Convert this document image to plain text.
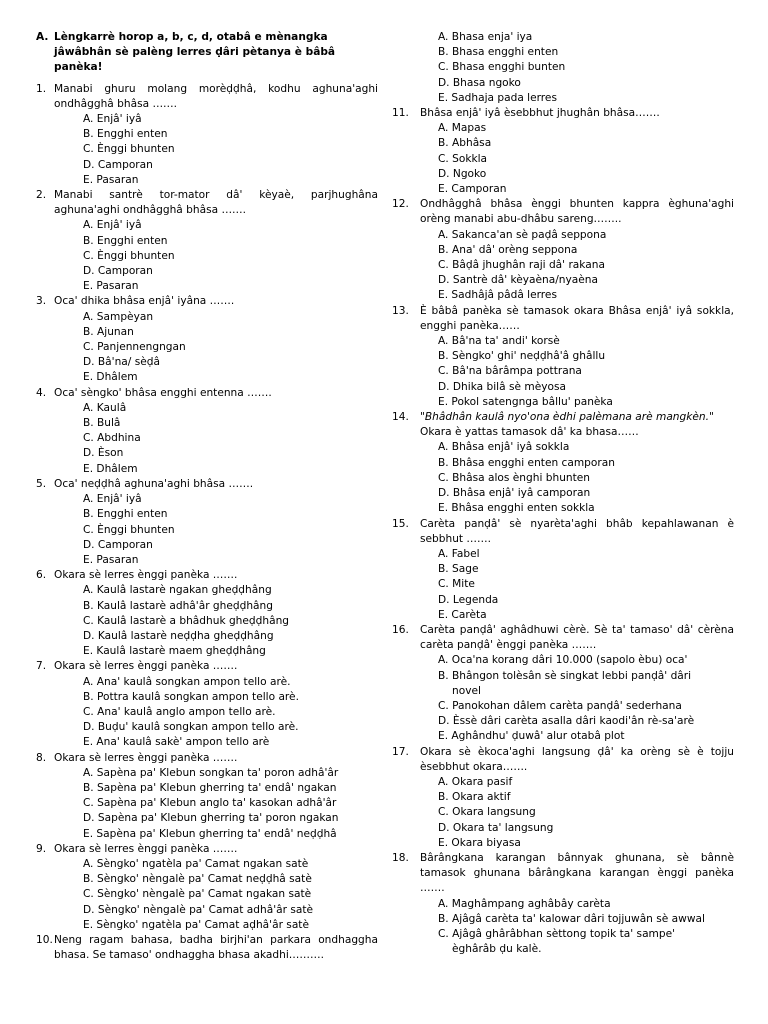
A. Lèngkarrè horop a, b, c, d, otabâ e mènangka jâwâbhân sè palèng lerres ḍâri pètanya è bâbâ panèka!
1. Manabi ghuru molang morèḍḍhâ, kodhu aghuna'aghi ondhâgghâ bhâsa …….
A. Enjâ' iyâ
B. Engghi enten
C. Ènggi bhunten
D. Camporan
E. Pasaran
2. Manabi santrè tor-mator dâ' kèyaè, parjhughâna aghuna'aghi ondhâgghâ bhâsa …….
A. Enjâ' iyâ
B. Engghi enten
C. Ènggi bhunten
D. Camporan
E. Pasaran
3. Oca' dhika bhâsa enjâ' iyâna …….
A. Sampèyan
B. Ajunan
C. Panjennengngan
D. Bâ'na/ sèḍâ
E. Dhâlem
4. Oca' sèngko' bhâsa engghi entenna …….
A. Kaulâ
B. Bulâ
C. Abdhina
D. Èson
E. Dhâlem
5. Oca' neḍḍhâ aghuna'aghi bhâsa …….
A. Enjâ' iyâ
B. Engghi enten
C. Ènggi bhunten
D. Camporan
E. Pasaran
6. Okara sè lerres ènggi panèka …….
A. Kaulâ lastarè ngakan gheḍḍhâng
B. Kaulâ lastarè adhâ'âr gheḍḍhâng
C. Kaulâ lastarè a bhâdhuk gheḍḍhâng
D. Kaulâ lastarè neḍḍha gheḍḍhâng
E. Kaulâ lastarè maem gheḍḍhâng
7. Okara sè lerres ènggi panèka …….
A. Ana' kaulâ songkan ampon tello arè.
B. Pottra kaulâ songkan ampon tello arè.
C. Ana' kaulâ anglo ampon tello arè.
D. Buḍu' kaulâ songkan ampon tello arè.
E. Ana' kaulâ sakè' ampon tello arè
8. Okara sè lerres ènggi panèka …….
A. Sapèna pa' Klebun songkan ta' poron adhâ'âr
B. Sapèna pa' Klebun gherring ta' endâ' ngakan
C. Sapèna pa' Klebun anglo ta' kasokan adhâ'âr
D. Sapèna pa' Klebun gherring ta' poron ngakan
E. Sapèna pa' Klebun gherring ta' endâ' neḍḍhâ
9. Okara sè lerres ènggi panèka …….
A. Sèngko' ngatèla pa' Camat ngakan satè
B. Sèngko' nèngalè pa' Camat neḍḍhâ satè
C. Sèngko' nèngalè pa' Camat ngakan satè
D. Sèngko' nèngalè pa' Camat adhâ'âr satè
E. Sèngko' ngatèla pa' Camat aḍhâ'âr satè
10. Neng ragam bahasa, badha birjhi'an parkara ondhaggha bhasa. Se tamaso' ondhaggha bhasa akadhi……….
A. Bhasa enja' iya
B. Bhasa engghi enten
C. Bhasa engghi bunten
D. Bhasa ngoko
E. Sadhaja pada lerres
11.	Bhâsa enjâ' iyâ èsebbhut jhughân bhâsa…….
A. Mapas
B. Abhâsa
C. Sokkla
D. Ngoko
E. Camporan
12.	Ondhâgghâ bhâsa ènggi bhunten kappra èghuna'aghi orèng manabi abu-dhâbu sareng……..
A. Sakanca'an sè paḍâ seppona
B. Ana' dâ' orèng seppona
C. Bâḍâ jhughân raji dâ' rakana
D. Santrè dâ' kèyaèna/nyaèna
E. Sadhâjâ pâdâ lerres
13.	È bâbâ panèka sè tamasok okara Bhâsa enjâ' iyâ sokkla, engghi panèka……
A. Bâ'na ta' andi' korsè
B. Sèngko' ghi' neḍḍhâ'â ghâllu
C. Bâ'na bârâmpa pottrana
D. Dhika bilâ sè mèyosa
E. Pokol satengnga bâllu' panèka
14.	"Bhâdhân kaulâ nyo'ona èdhi palèmana arè mangkèn."
Okara è yattas tamasok dâ' ka bhasa……
A. Bhâsa enjâ' iyâ sokkla
B. Bhâsa engghi enten camporan
C. Bhâsa alos ènghi bhunten
D. Bhâsa enjâ' iyâ camporan
E. Bhâsa engghi enten sokkla
15.	Carèta panḍâ' sè nyarèta'aghi bhâb kepahlawanan è sebbhut …….
A. Fabel
B. Sage
C. Mite
D. Legenda
E. Carèta
16.	Carèta panḍâ' aghâdhuwi cèrè. Sè ta' tamaso' dâ' cèrèna carèta panḍâ' ènggi panèka …….
A. Oca'na korang dâri 10.000 (sapolo èbu) oca'
B. Bhângon tolèsân sè singkat lebbi panḍâ' dâri
novel
C. Panokohan dâlem carèta panḍâ' sederhana
D. Èssè dâri carèta asalla dâri kaodi'ân rè-sa'arè
E. Aghândhu' ḍuwâ' alur otabâ plot
17.	Okara sè èkoca'aghi langsung ḍâ' ka orèng sè è tojju èsebbhut okara…….
A. Okara pasif
B. Okara aktif
C. Okara langsung
D. Okara ta' langsung
E. Okara biyasa
18.	Bârângkana karangan bânnyak ghunana, sè bânnè tamasok ghunana bârângkana karangan ènggi panèka …….
A. Maghâmpang aghâbây carèta
B. Ajâgâ carèta ta' kalowar dâri tojjuwân sè awwal
C. Ajâgâ ghârâbhan sèttong topik ta' sampe'
èghârâb ḍu kalè.
